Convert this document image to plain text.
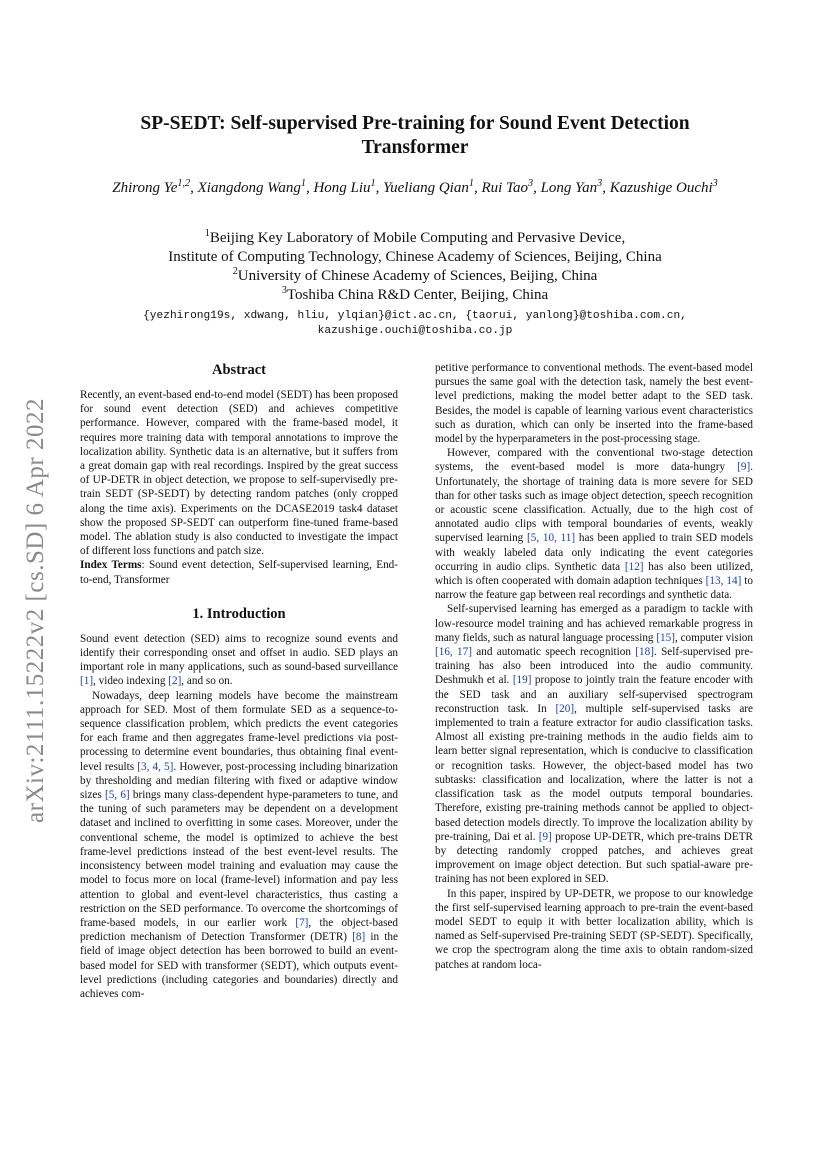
arXiv:2111.15222v2 [cs.SD] 6 Apr 2022
SP-SEDT: Self-supervised Pre-training for Sound Event Detection
Transformer
Zhirong Ye$^{1,2}$, Xiangdong Wang$^1$, Hong Liu$^1$, Yueliang Qian$^1$, Rui Tao$^3$, Long Yan$^3$, Kazushige Ouchi$^3$
$^1$Beijing Key Laboratory of Mobile Computing and Pervasive Device,
Institute of Computing Technology, Chinese Academy of Sciences, Beijing, China
$^2$University of Chinese Academy of Sciences, Beijing, China
$^3$Toshiba China R&D Center, Beijing, China
{yezhirong19s, xdwang, hliu, ylqian}@ict.ac.cn, {taorui, yanlong}@toshiba.com.cn,
kazushige.ouchi@toshiba.co.jp
Abstract

Recently, an event-based end-to-end model (SEDT) has been proposed for sound event detection (SED) and achieves competitive performance. However, compared with the frame-based model, it requires more training data with temporal annotations to improve the localization ability. Synthetic data is an alternative, but it suffers from a great domain gap with real recordings. Inspired by the great success of UP-DETR in object detection, we propose to self-supervisedly pre-train SEDT (SP-SEDT) by detecting random patches (only cropped along the time axis). Experiments on the DCASE2019 task4 dataset show the proposed SP-SEDT can outperform fine-tuned frame-based model. The ablation study is also conducted to investigate the impact of different loss functions and patch size.

Index Terms: Sound event detection, Self-supervised learning, End-to-end, Transformer

1. Introduction

Sound event detection (SED) aims to recognize sound events and identify their corresponding onset and offset in audio. SED plays an important role in many applications, such as sound-based surveillance [1], video indexing [2], and so on.

Nowadays, deep learning models have become the mainstream approach for SED. Most of them formulate SED as a sequence-to-sequence classification problem, which predicts the event categories for each frame and then aggregates frame-level predictions via post-processing to determine event boundaries, thus obtaining final event-level results [3, 4, 5]. However, post-processing including binarization by thresholding and median filtering with fixed or adaptive window sizes [5, 6] brings many class-dependent hype-parameters to tune, and the tuning of such parameters may be dependent on a development dataset and inclined to overfitting in some cases. Moreover, under the conventional scheme, the model is optimized to achieve the best frame-level predictions instead of the best event-level results. The inconsistency between model training and evaluation may cause the model to focus more on local (frame-level) information and pay less attention to global and event-level characteristics, thus casting a restriction on the SED performance. To overcome the shortcomings of frame-based models, in our earlier work [7], the object-based prediction mechanism of Detection Transformer (DETR) [8] in the field of image object detection has been borrowed to build an event-based model for SED with transformer (SEDT), which outputs event-level predictions (including categories and boundaries) directly and achieves com-

petitive performance to conventional methods. The event-based model pursues the same goal with the detection task, namely the best event-level predictions, making the model better adapt to the SED task. Besides, the model is capable of learning various event characteristics such as duration, which can only be inserted into the frame-based model by the hyperparameters in the post-processing stage.

However, compared with the conventional two-stage detection systems, the event-based model is more data-hungry [9]. Unfortunately, the shortage of training data is more severe for SED than for other tasks such as image object detection, speech recognition or acoustic scene classification. Actually, due to the high cost of annotated audio clips with temporal boundaries of events, weakly supervised learning [5, 10, 11] has been applied to train SED models with weakly labeled data only indicating the event categories occurring in audio clips. Synthetic data [12] has also been utilized, which is often cooperated with domain adaption techniques [13, 14] to narrow the feature gap between real recordings and synthetic data.

Self-supervised learning has emerged as a paradigm to tackle with low-resource model training and has achieved remarkable progress in many fields, such as natural language processing [15], computer vision [16, 17] and automatic speech recognition [18]. Self-supervised pre-training has also been introduced into the audio community. Deshmukh et al. [19] propose to jointly train the feature encoder with the SED task and an auxiliary self-supervised spectrogram reconstruction task. In [20], multiple self-supervised tasks are implemented to train a feature extractor for audio classification tasks. Almost all existing pre-training methods in the audio fields aim to learn better signal representation, which is conducive to classification or recognition tasks. However, the object-based model has two subtasks: classification and localization, where the latter is not a classification task as the model outputs temporal boundaries. Therefore, existing pre-training methods cannot be applied to object-based detection models directly. To improve the localization ability by pre-training, Dai et al. [9] propose UP-DETR, which pre-trains DETR by detecting randomly cropped patches, and achieves great improvement on image object detection. But such spatial-aware pre-training has not been explored in SED.

In this paper, inspired by UP-DETR, we propose to our knowledge the first self-supervised learning approach to pre-train the event-based model SEDT to equip it with better localization ability, which is named as Self-supervised Pre-training SEDT (SP-SEDT). Specifically, we crop the spectrogram along the time axis to obtain random-sized patches at random loca-
